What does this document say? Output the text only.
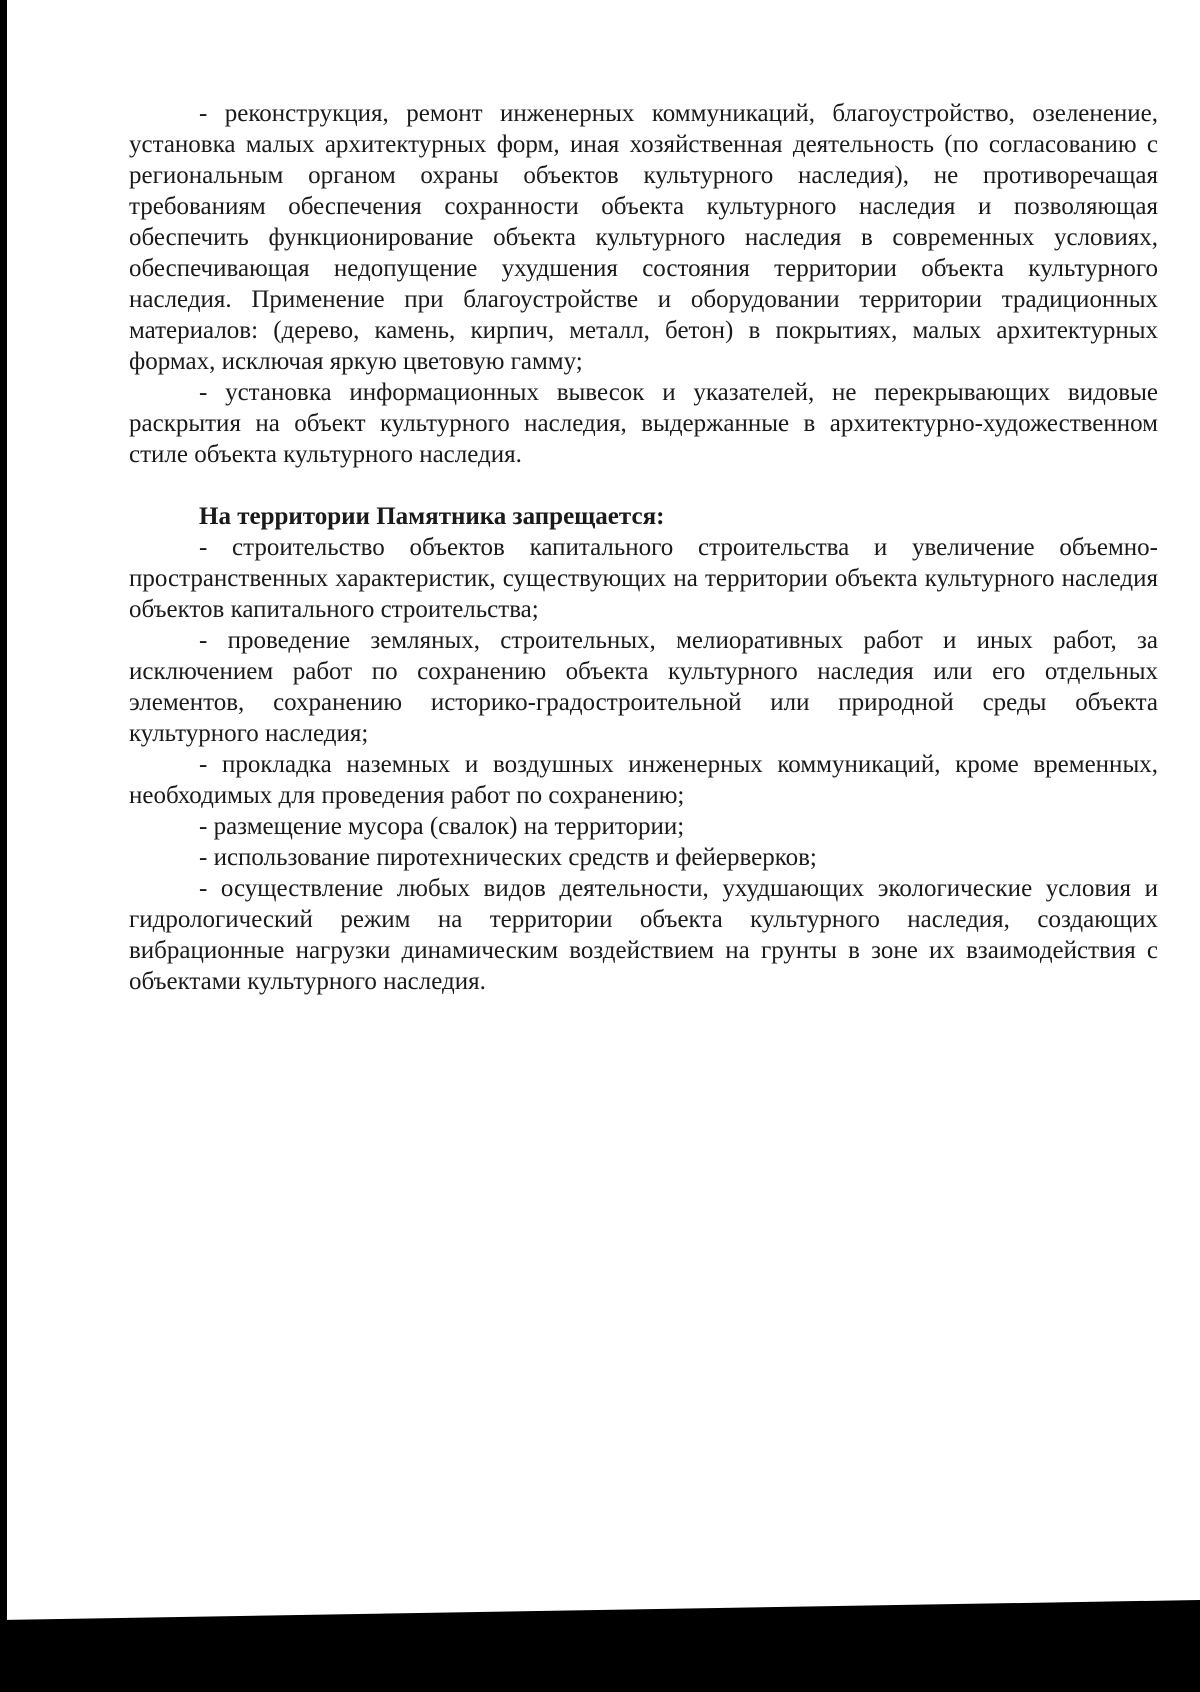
- реконструкция, ремонт инженерных коммуникаций, благоустройство, озеленение, установка малых архитектурных форм, иная хозяйственная деятельность (по согласованию с региональным органом охраны объектов культурного наследия), не противоречащая требованиям обеспечения сохранности объекта культурного наследия и позволяющая обеспечить функционирование объекта культурного наследия в современных условиях, обеспечивающая недопущение ухудшения состояния территории объекта культурного наследия. Применение при благоустройстве и оборудовании территории традиционных материалов: (дерево, камень, кирпич, металл, бетон) в покрытиях, малых архитектурных формах, исключая яркую цветовую гамму;

- установка информационных вывесок и указателей, не перекрывающих видовые раскрытия на объект культурного наследия, выдержанные в архитектурно-художественном стиле объекта культурного наследия.

На территории Памятника запрещается:

- строительство объектов капитального строительства и увеличение объемно-пространственных характеристик, существующих на территории объекта культурного наследия объектов капитального строительства;

- проведение земляных, строительных, мелиоративных работ и иных работ, за исключением работ по сохранению объекта культурного наследия или его отдельных элементов, сохранению историко-градостроительной или природной среды объекта культурного наследия;

- прокладка наземных и воздушных инженерных коммуникаций, кроме временных, необходимых для проведения работ по сохранению;

- размещение мусора (свалок) на территории;

- использование пиротехнических средств и фейерверков;

- осуществление любых видов деятельности, ухудшающих экологические условия и гидрологический режим на территории объекта культурного наследия, создающих вибрационные нагрузки динамическим воздействием на грунты в зоне их взаимодействия с объектами культурного наследия.
